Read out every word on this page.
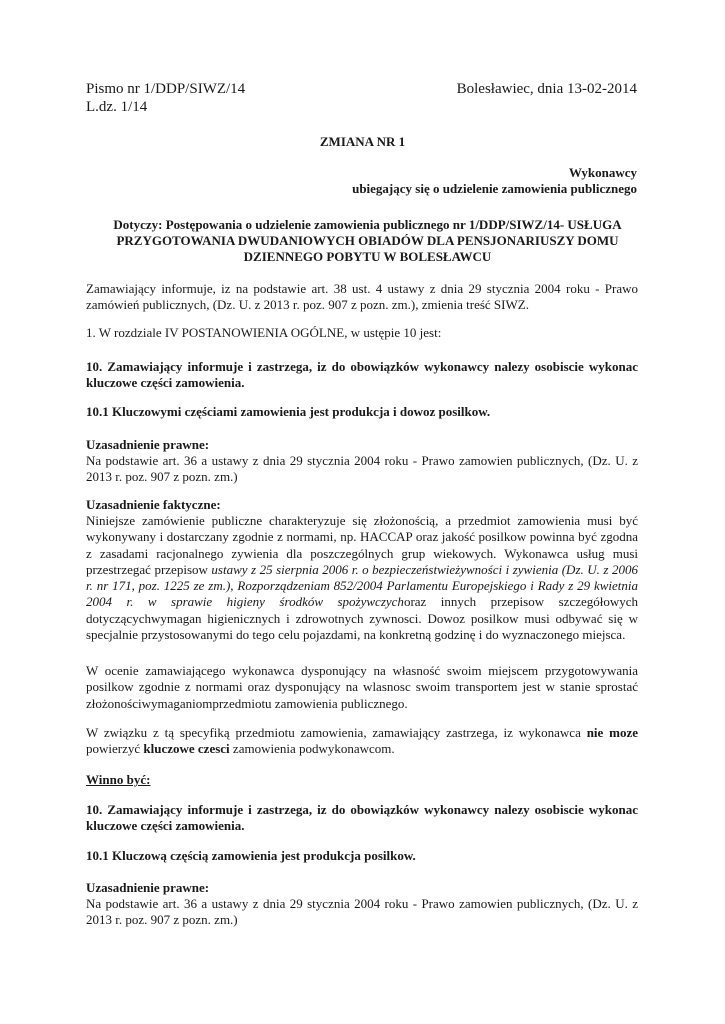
Pismo nr 1/DDP/SIWZ/14
L.dz. 1/14
Bolesławiec, dnia 13-02-2014
ZMIANA NR 1
Wykonawcy
ubiegający się o udzielenie zamowienia publicznego
Dotyczy: Postępowania o udzielenie zamowienia publicznego nr 1/DDP/SIWZ/14- USŁUGA
PRZYGOTOWANIA DWUDANIOWYCH OBIADÓW DLA PENSJONARIUSZY DOMU
DZIENNEGO POBYTU W BOLESŁAWCU

Zamawiający informuje, iz na podstawie art. 38 ust. 4 ustawy z dnia 29 stycznia 2004 roku - Prawo zamówień publicznych, (Dz. U. z 2013 r. poz. 907 z pozn. zm.), zmienia treść SIWZ.

1. W rozdziale IV POSTANOWIENIA OGÓLNE, w ustępie 10 jest:

10. Zamawiający informuje i zastrzega, iz do obowiązków wykonawcy nalezy osobiscie wykonac kluczowe części zamowienia.

10.1 Kluczowymi częściami zamowienia jest produkcja i dowoz posilkow.

Uzasadnienie prawne:

Na podstawie art. 36 a ustawy z dnia 29 stycznia 2004 roku - Prawo zamowien publicznych, (Dz. U. z 2013 r. poz. 907 z pozn. zm.)

Uzasadnienie faktyczne:

Niniejsze zamówienie publiczne charakteryzuje się złożonością, a przedmiot zamowienia musi być wykonywany i dostarczany zgodnie z normami, np. HACCAP oraz jakość posilkow powinna być zgodna z zasadami racjonalnego zywienia dla poszczególnych grup wiekowych. Wykonawca usług musi przestrzegać przepisow ustawy z 25 sierpnia 2006 r. o bezpieczeństwieżywności i zywienia (Dz. U. z 2006 r. nr 171, poz. 1225 ze zm.), Rozporządzeniam 852/2004 Parlamentu Europejskiego i Rady z 29 kwietnia 2004 r. w sprawie higieny środków spożywczychoraz innych przepisow szczegółowych dotyczącychwymagan higienicznych i zdrowotnych zywnosci. Dowoz posilkow musi odbywać się w specjalnie przystosowanymi do tego celu pojazdami, na konkretną godzinę i do wyznaczonego miejsca.

W ocenie zamawiającego wykonawca dysponujący na własność swoim miejscem przygotowywania posilkow zgodnie z normami oraz dysponujący na wlasnosc swoim transportem jest w stanie sprostać złożonościwymaganiomprzedmiotu zamowienia publicznego.

W związku z tą specyfiką przedmiotu zamowienia, zamawiający zastrzega, iz wykonawca nie moze powierzyć kluczowe czesci zamowienia podwykonawcom.

Winno być:

10. Zamawiający informuje i zastrzega, iz do obowiązków wykonawcy nalezy osobiscie wykonac kluczowe części zamowienia.

10.1 Kluczową częścią zamowienia jest produkcja posilkow.

Uzasadnienie prawne:

Na podstawie art. 36 a ustawy z dnia 29 stycznia 2004 roku - Prawo zamowien publicznych, (Dz. U. z 2013 r. poz. 907 z pozn. zm.)
